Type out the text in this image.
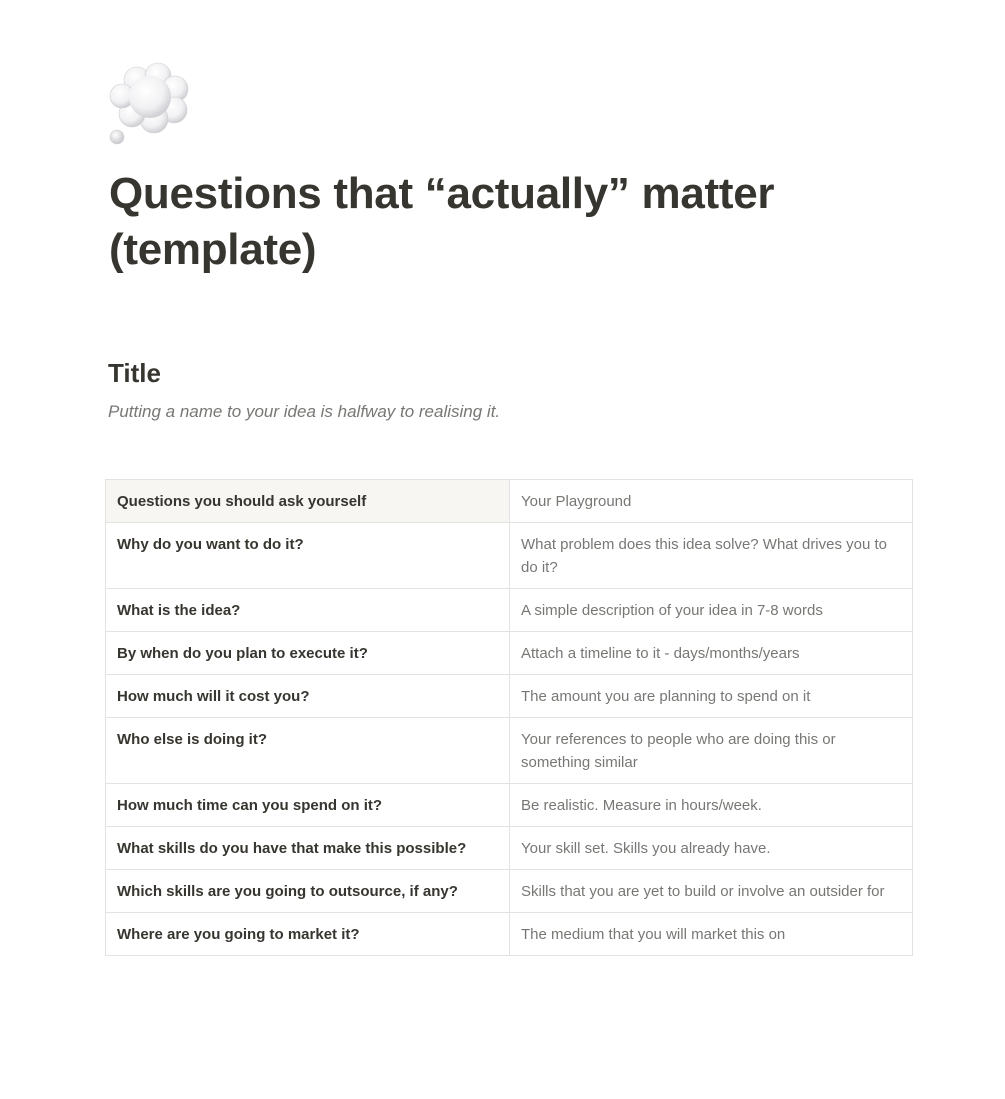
Questions that “actually” matter (template)
Title
Putting a name to your idea is halfway to realising it.
Questions you should ask yourself	Your Playground
Why do you want to do it?	What problem does this idea solve? What drives you to do it?
What is the idea?	A simple description of your idea in 7-8 words
By when do you plan to execute it?	Attach a timeline to it - days/months/years
How much will it cost you?	The amount you are planning to spend on it
Who else is doing it?	Your references to people who are doing this or something similar
How much time can you spend on it?	Be realistic. Measure in hours/week.
What skills do you have that make this possible?	Your skill set. Skills you already have.
Which skills are you going to outsource, if any?	Skills that you are yet to build or involve an outsider for
Where are you going to market it?	The medium that you will market this on
